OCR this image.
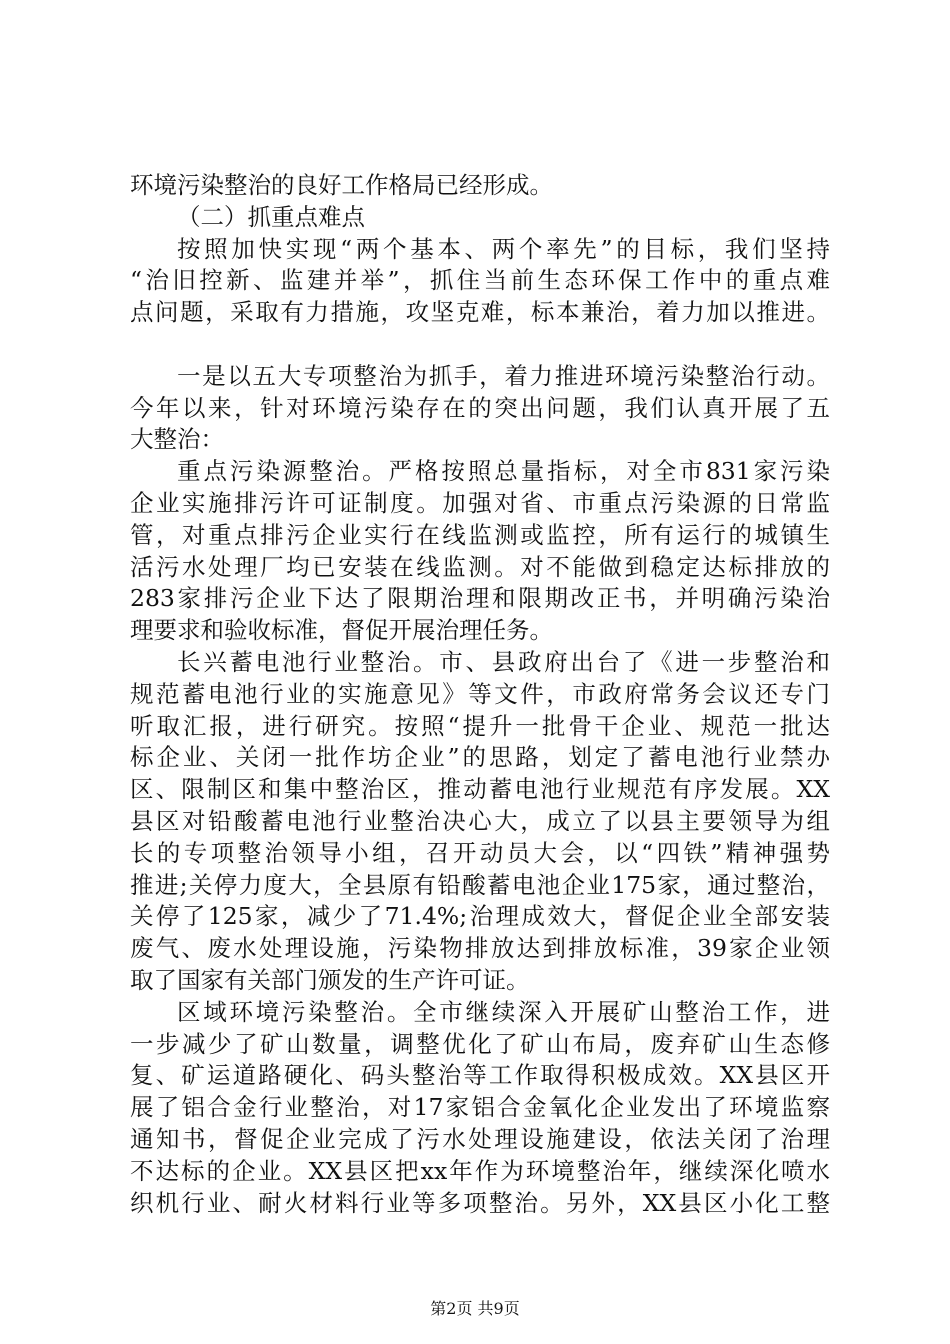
环境污染整治的良好工作格局已经形成。
（二）抓重点难点
按照加快实现“两个基本、两个率先”的目标，我们坚持
“治旧控新、监建并举”，抓住当前生态环保工作中的重点难
点问题，采取有力措施，攻坚克难，标本兼治，着力加以推进。
一是以五大专项整治为抓手，着力推进环境污染整治行动。
今年以来，针对环境污染存在的突出问题，我们认真开展了五
大整治：
重点污染源整治。严格按照总量指标，对全市831家污染
企业实施排污许可证制度。加强对省、市重点污染源的日常监
管，对重点排污企业实行在线监测或监控，所有运行的城镇生
活污水处理厂均已安装在线监测。对不能做到稳定达标排放的
283家排污企业下达了限期治理和限期改正书，并明确污染治
理要求和验收标准，督促开展治理任务。
长兴蓄电池行业整治。市、县政府出台了《进一步整治和
规范蓄电池行业的实施意见》等文件，市政府常务会议还专门
听取汇报，进行研究。按照“提升一批骨干企业、规范一批达
标企业、关闭一批作坊企业”的思路，划定了蓄电池行业禁办
区、限制区和集中整治区，推动蓄电池行业规范有序发展。XX
县区对铅酸蓄电池行业整治决心大，成立了以县主要领导为组
长的专项整治领导小组，召开动员大会，以“四铁”精神强势
推进;关停力度大，全县原有铅酸蓄电池企业175家，通过整治，
关停了125家，减少了71.4%;治理成效大，督促企业全部安装
废气、废水处理设施，污染物排放达到排放标准，39家企业领
取了国家有关部门颁发的生产许可证。
区域环境污染整治。全市继续深入开展矿山整治工作，进
一步减少了矿山数量，调整优化了矿山布局，废弃矿山生态修
复、矿运道路硬化、码头整治等工作取得积极成效。XX县区开
展了铝合金行业整治，对17家铝合金氧化企业发出了环境监察
通知书，督促企业完成了污水处理设施建设，依法关闭了治理
不达标的企业。XX县区把xx年作为环境整治年，继续深化喷水
织机行业、耐火材料行业等多项整治。另外，XX县区小化工整
第2页 共9页
